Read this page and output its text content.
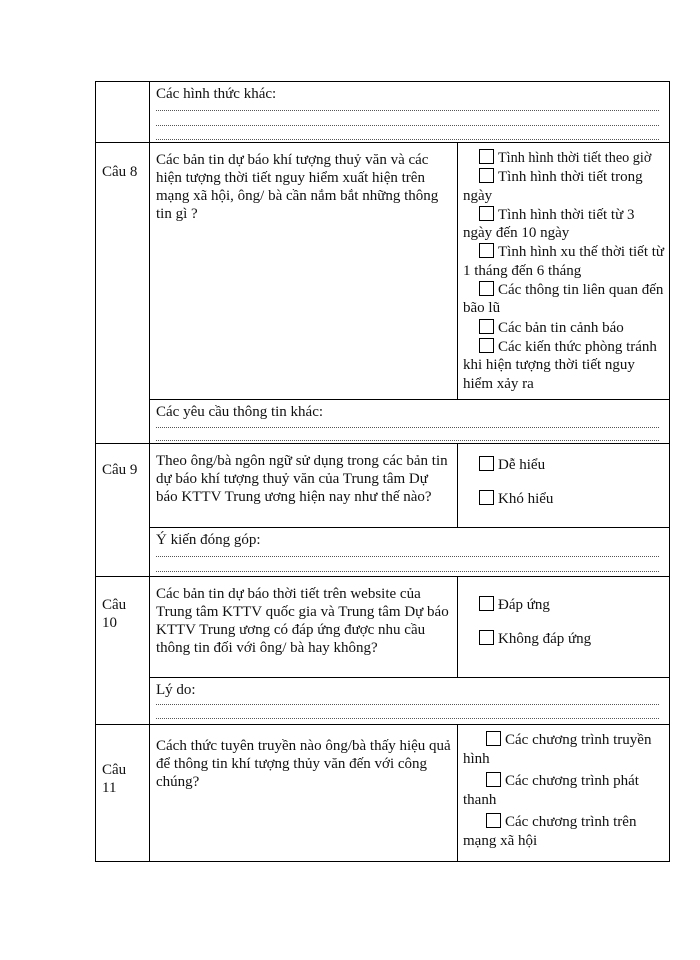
Các hình thức khác:
Câu 8
Các bản tin dự báo khí tượng thuỷ văn và các hiện tượng thời tiết nguy hiểm xuất hiện trên mạng xã hội, ông/ bà cần nắm bắt những thông tin gì ?
Tình hình thời tiết theo giờ
Tình hình thời tiết trong ngày
Tình hình thời tiết từ 3 ngày đến 10 ngày
Tình hình xu thế thời tiết từ 1 tháng đến 6 tháng
Các thông tin liên quan đến bão lũ
Các bản tin cảnh báo
Các kiến thức phòng tránh khi hiện tượng thời tiết nguy hiểm xảy ra
Các yêu cầu thông tin khác:
Câu 9
Theo ông/bà ngôn ngữ sử dụng trong các bản tin dự báo khí tượng thuỷ văn của Trung tâm Dự báo KTTV Trung ương hiện nay như thế nào?
Dễ hiểu
Khó hiểu
Ý kiến đóng góp:
Câu
10
Các bản tin dự báo thời tiết trên website của Trung tâm KTTV quốc gia và Trung tâm Dự báo KTTV Trung ương có đáp ứng được nhu cầu thông tin đối với ông/ bà hay không?
Đáp ứng
Không đáp ứng
Lý do:
Câu
11
Cách thức tuyên truyền nào ông/bà thấy hiệu quả để thông tin khí tượng thủy văn đến với công chúng?
Các chương trình truyền hình
Các chương trình phát thanh
Các chương trình trên mạng xã hội
